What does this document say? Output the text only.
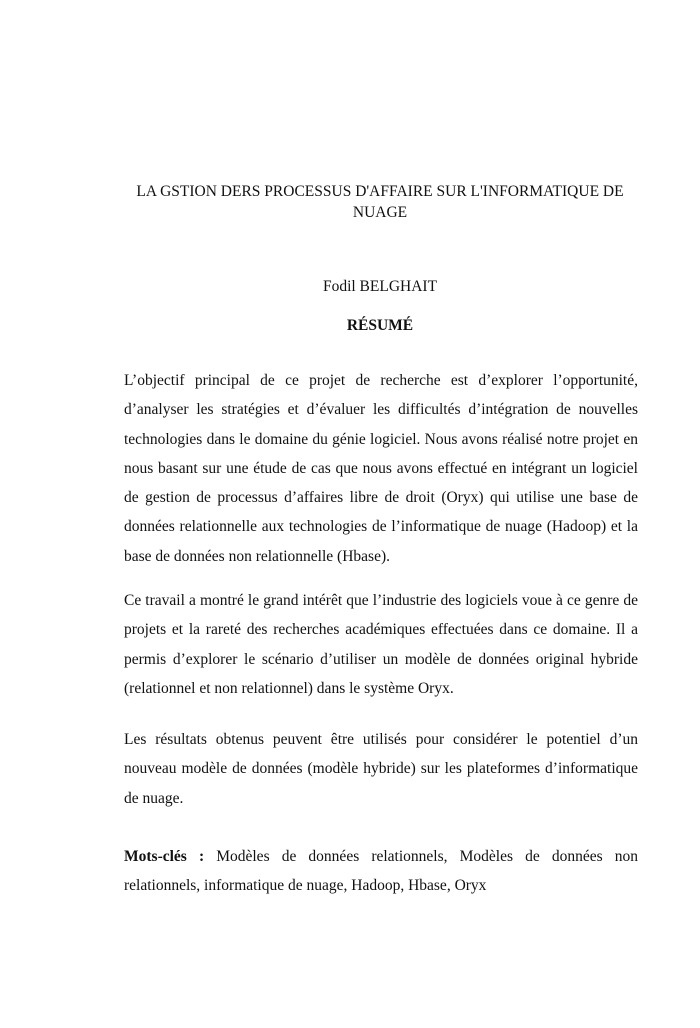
LA GSTION DERS PROCESSUS D'AFFAIRE SUR L'INFORMATIQUE DE NUAGE
Fodil BELGHAIT
RÉSUMÉ

L’objectif principal de ce projet de recherche est d’explorer l’opportunité, d’analyser les stratégies et d’évaluer les difficultés d’intégration de nouvelles technologies dans le domaine du génie logiciel. Nous avons réalisé notre projet en nous basant sur une étude de cas que nous avons effectué en intégrant un logiciel de gestion de processus d’affaires libre de droit (Oryx) qui utilise une base de données relationnelle aux technologies de l’informatique de nuage (Hadoop) et la base de données non relationnelle (Hbase).

Ce travail a montré le grand intérêt que l’industrie des logiciels voue à ce genre de projets et la rareté des recherches académiques effectuées dans ce domaine. Il a permis d’explorer le scénario d’utiliser un modèle de données original hybride (relationnel et non relationnel) dans le système Oryx.

Les résultats obtenus peuvent être utilisés pour considérer le potentiel d’un nouveau modèle de données (modèle hybride) sur les plateformes d’informatique de nuage.

Mots-clés : Modèles de données relationnels, Modèles de données non relationnels, informatique de nuage, Hadoop, Hbase, Oryx
